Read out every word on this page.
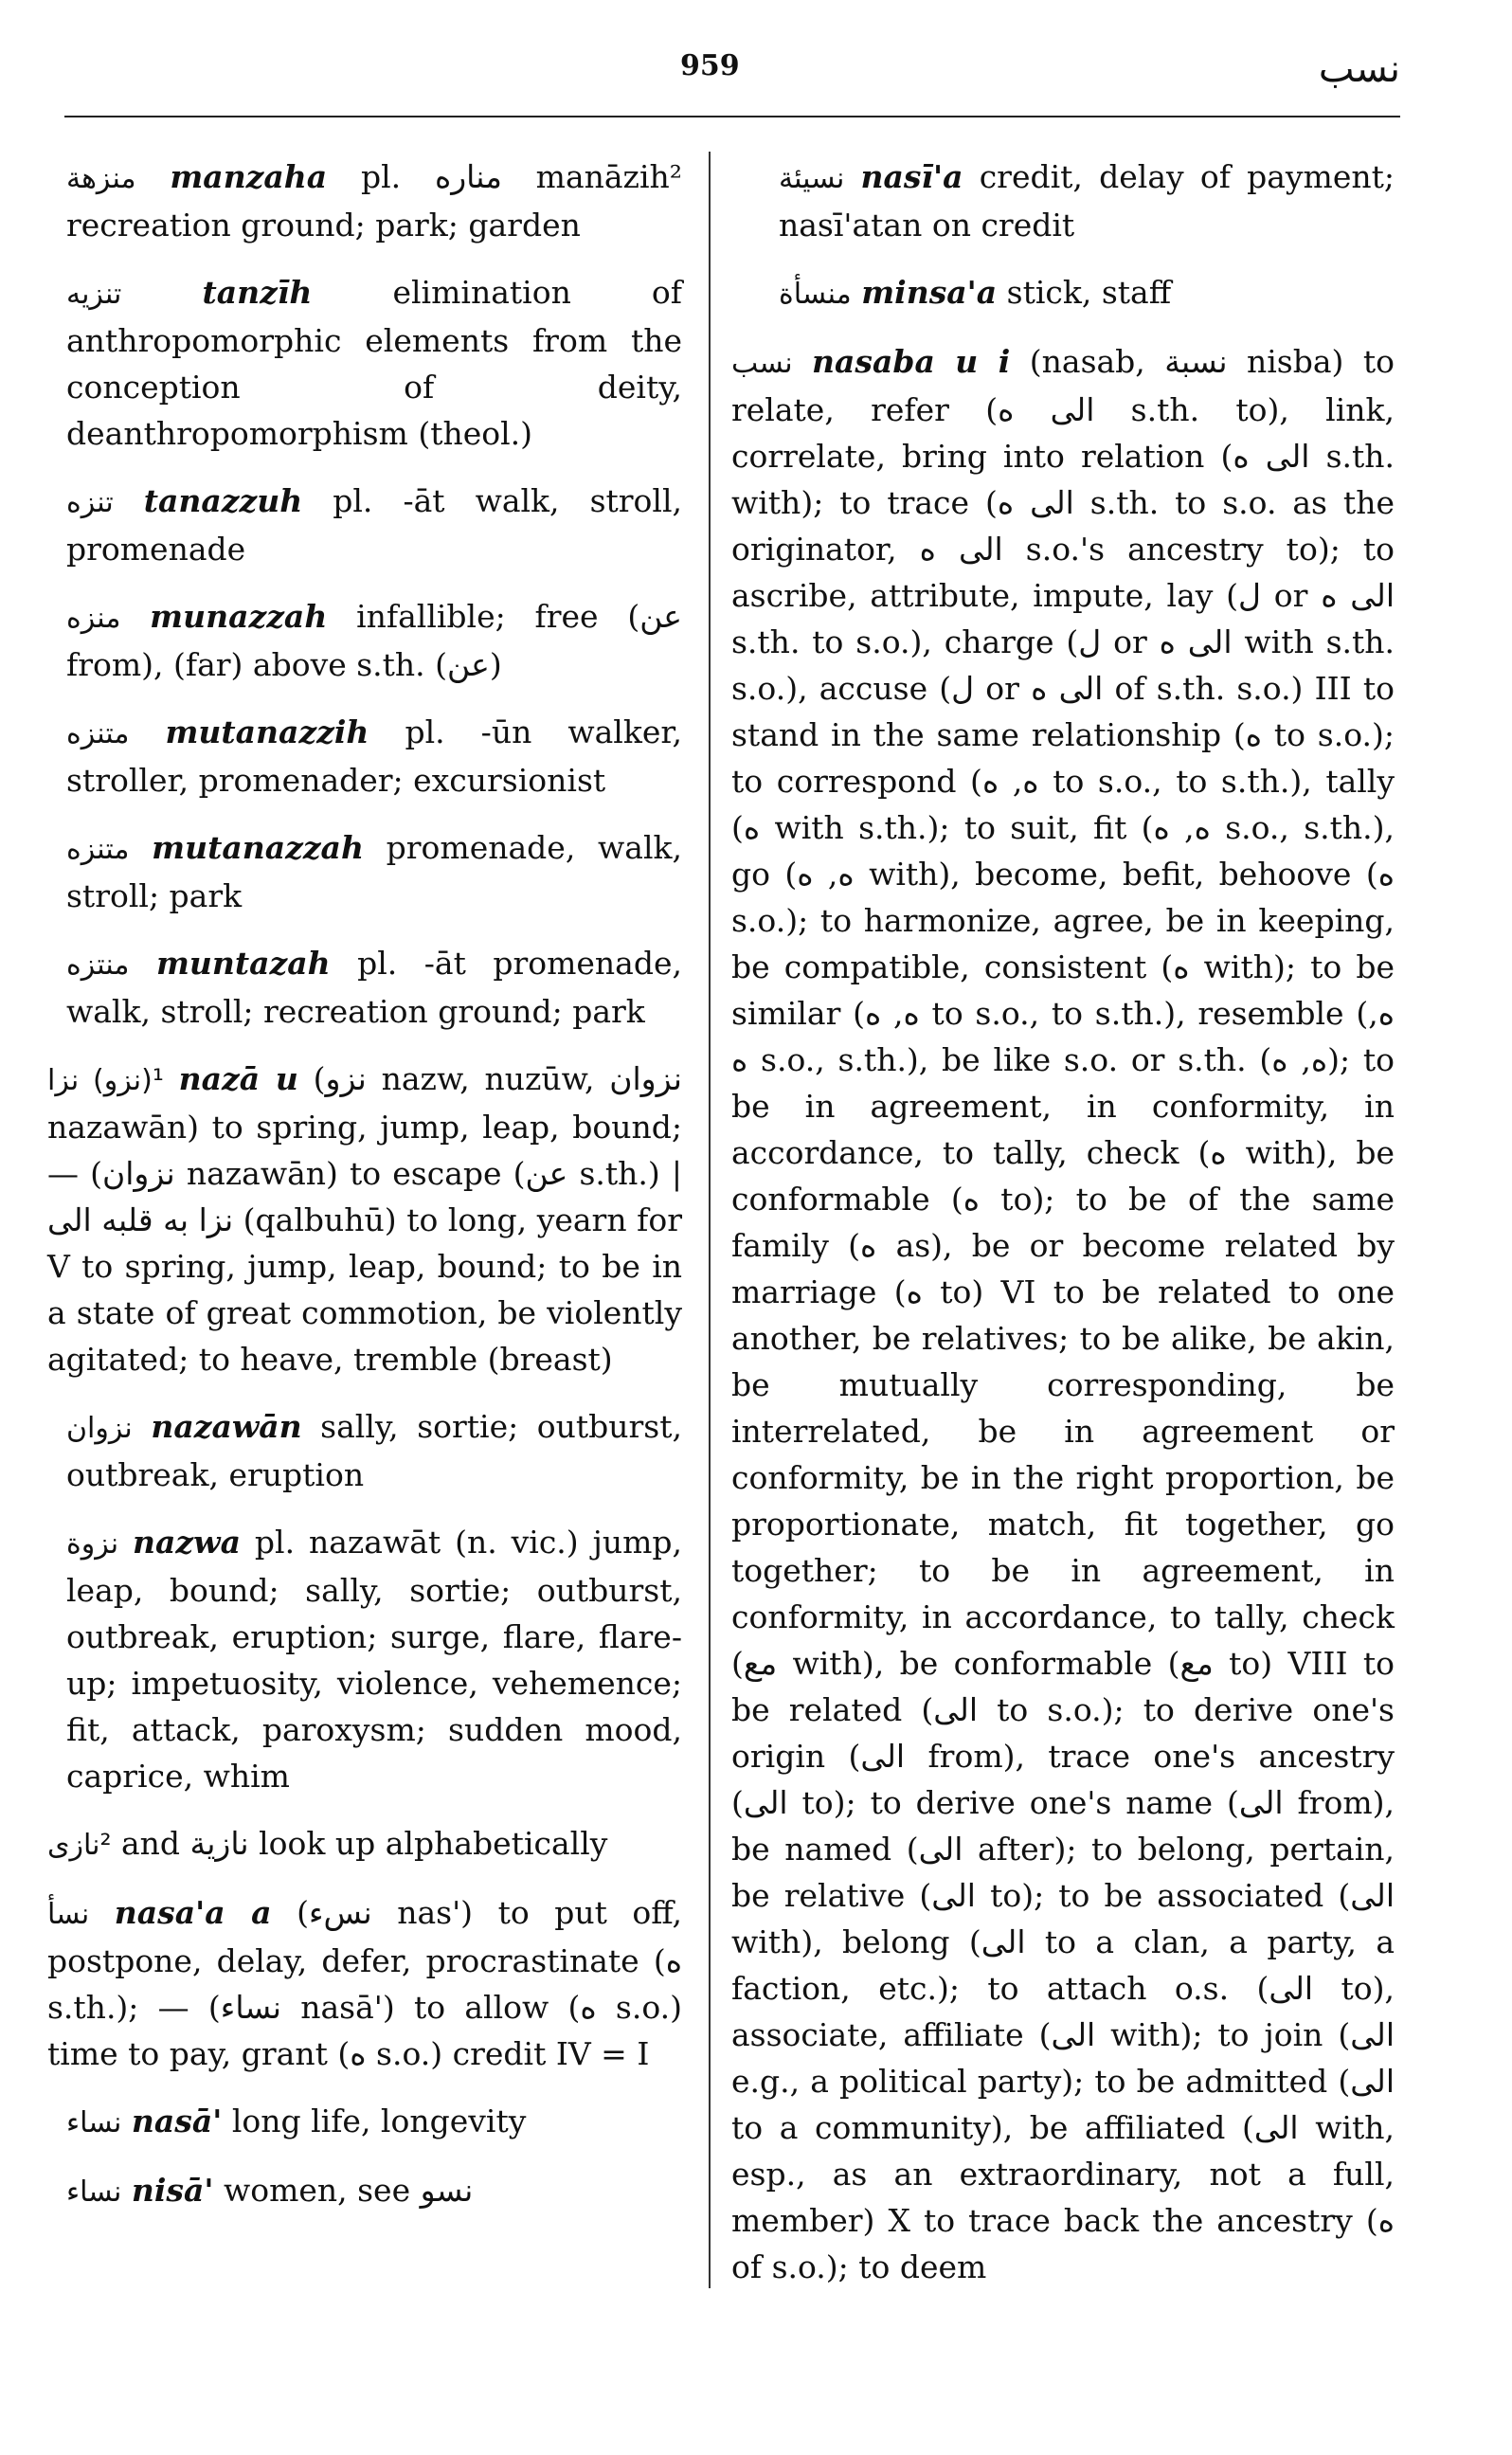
959	نسب

منزهة manzaha pl. مناره manāzih² recreation ground; park; garden

تنزيه	tanzīh	elimination of anthropomorphic elements from the conception of deity, deanthropomorphism (theol.)

تنزه tanazzuh pl. -āt walk, stroll, promenade

منزه munazzah infallible; free (عن from), (far) above s.th. (عن)

متنزه mutanazzih pl. -ūn walker, stroller, promenader; excursionist

متنزه mutanazzah promenade, walk, stroll; park

منتزه muntazah pl. -āt promenade, walk, stroll; recreation ground; park

¹(نزو) نزا nazā u (نزو nazw, nuzūw, نزوان nazawān) to spring, jump, leap, bound; — (نزوان nazawān) to escape (عن s.th.) | نزا به قلبه الى (qalbuhū) to long, yearn for V to spring, jump, leap, bound; to be in a state of great commotion, be violently agitated; to heave, tremble (breast)

نزوان nazawān sally, sortie; outburst, outbreak, eruption

نزوة nazwa pl. nazawāt (n. vic.) jump, leap, bound; sally, sortie; outburst, outbreak, eruption; surge, flare, flare-up; impetuosity, violence, vehemence; fit, attack, paroxysm; sudden mood, caprice, whim

²نازى and نازية look up alphabetically

نسأ nasa'a a (نسء nas') to put off, postpone, delay, defer, procrastinate (ه s.th.); — (نساء nasā') to allow (ه s.o.) time to pay, grant (ه s.o.) credit IV = I

نساء nasā' long life, longevity

نساء nisā' women, see نسو

نسيئة nasī'a credit, delay of payment; nasī'atan on credit

منسأة minsa'a stick, staff

نسب nasaba u i (nasab, نسبة nisba) to relate, refer (الى ه s.th. to), link, correlate, bring into relation (الى ه s.th. with); to trace (الى ه s.th. to s.o. as the originator, الى ه s.o.'s ancestry to); to ascribe, attribute, impute, lay (ل or الى ه s.th. to s.o.), charge (ل or الى ه with s.th. s.o.), accuse (ل or الى ه of s.th. s.o.) III to stand in the same relationship (ه to s.o.); to correspond (ه, ه to s.o., to s.th.), tally (ه with s.th.); to suit, fit (ه, ه s.o., s.th.), go (ه, ه with), become, befit, behoove (ه s.o.); to harmonize, agree, be in keeping, be compatible, consistent (ه with); to be similar (ه, ه to s.o., to s.th.), resemble (ه, ه s.o., s.th.), be like s.o. or s.th. (ه, ه); to be in agreement, in conformity, in accordance, to tally, check (ه with), be conformable (ه to); to be of the same family (ه as), be or become related by marriage (ه to) VI to be related to one another, be relatives; to be alike, be akin, be mutually corresponding, be interrelated, be in agreement or conformity, be in the right proportion, be proportionate, match, fit together, go together; to be in agreement, in conformity, in accordance, to tally, check (مع with), be conformable (مع to) VIII to be related (الى to s.o.); to derive one's origin (الى from), trace one's ancestry (الى to); to derive one's name (الى from), be named (الى after); to belong, pertain, be relative (الى to); to be associated (الى with), belong (الى to a clan, a party, a faction, etc.); to attach o.s. (الى to), associate, affiliate (الى with); to join (الى e.g., a political party); to be admitted (الى to a community), be affiliated (الى with, esp., as an extraordinary, not a full, member) X to trace back the ancestry (ه of s.o.); to deem
